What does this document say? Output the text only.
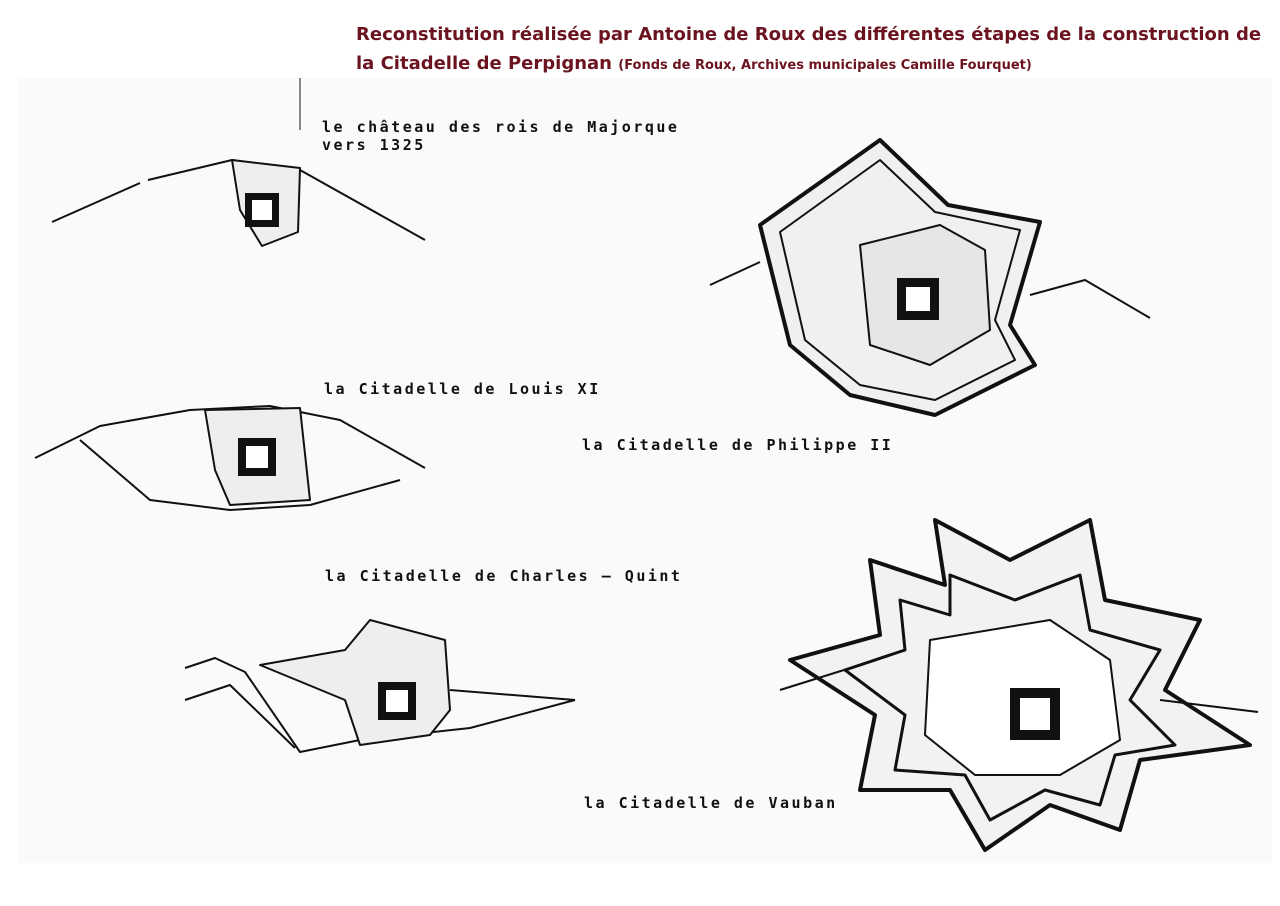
Reconstitution réalisée par Antoine de Roux des différentes étapes de la construction de la Citadelle de Perpignan (Fonds de Roux, Archives municipales Camille Fourquet)
le château des rois de Majorque
vers 1325
la Citadelle de Louis XI
la Citadelle de Philippe II
la Citadelle de Charles – Quint
la Citadelle de Vauban
